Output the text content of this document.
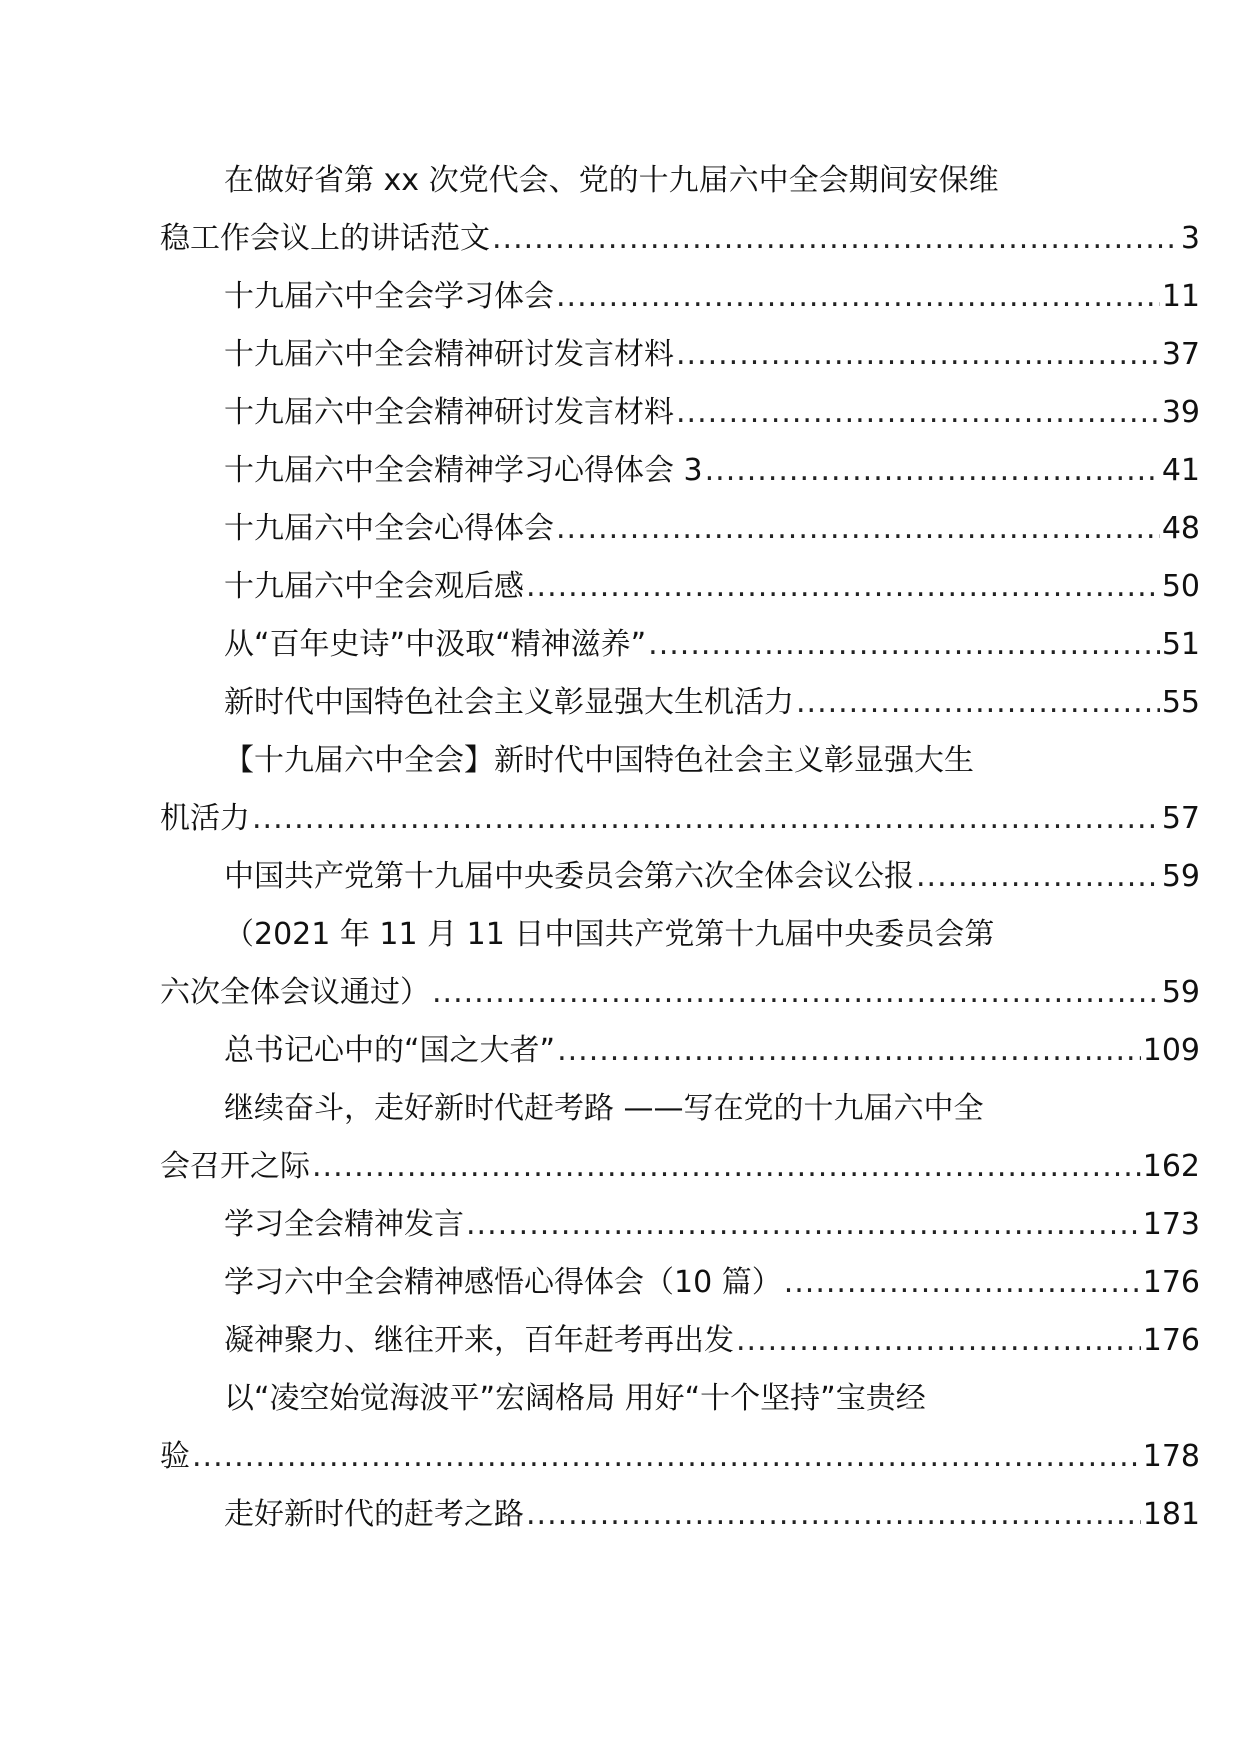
在做好省第 xx 次党代会、党的十九届六中全会期间安保维
稳工作会议上的讲话范文 .....	3
十九届六中全会学习体会 .....	11
十九届六中全会精神研讨发言材料 .....	37
十九届六中全会精神研讨发言材料 .....	39
十九届六中全会精神学习心得体会 3 .....	41
十九届六中全会心得体会 .....	48
十九届六中全会观后感 .....	50
从“百年史诗”中汲取“精神滋养” .....	51
新时代中国特色社会主义彰显强大生机活力 .....	55
【十九届六中全会】新时代中国特色社会主义彰显强大生
机活力 .....	57
中国共产党第十九届中央委员会第六次全体会议公报 .....	59
（2021 年 11 月 11 日中国共产党第十九届中央委员会第
六次全体会议通过） .....	59
总书记心中的“国之大者” .....	109
继续奋斗，走好新时代赶考路 ——写在党的十九届六中全
会召开之际 .....	162
学习全会精神发言 .....	173
学习六中全会精神感悟心得体会（10 篇） .....	176
凝神聚力、继往开来，百年赶考再出发 .....	176
以“凌空始觉海波平”宏阔格局 用好“十个坚持”宝贵经
验 .....	178
走好新时代的赶考之路 .....	181
